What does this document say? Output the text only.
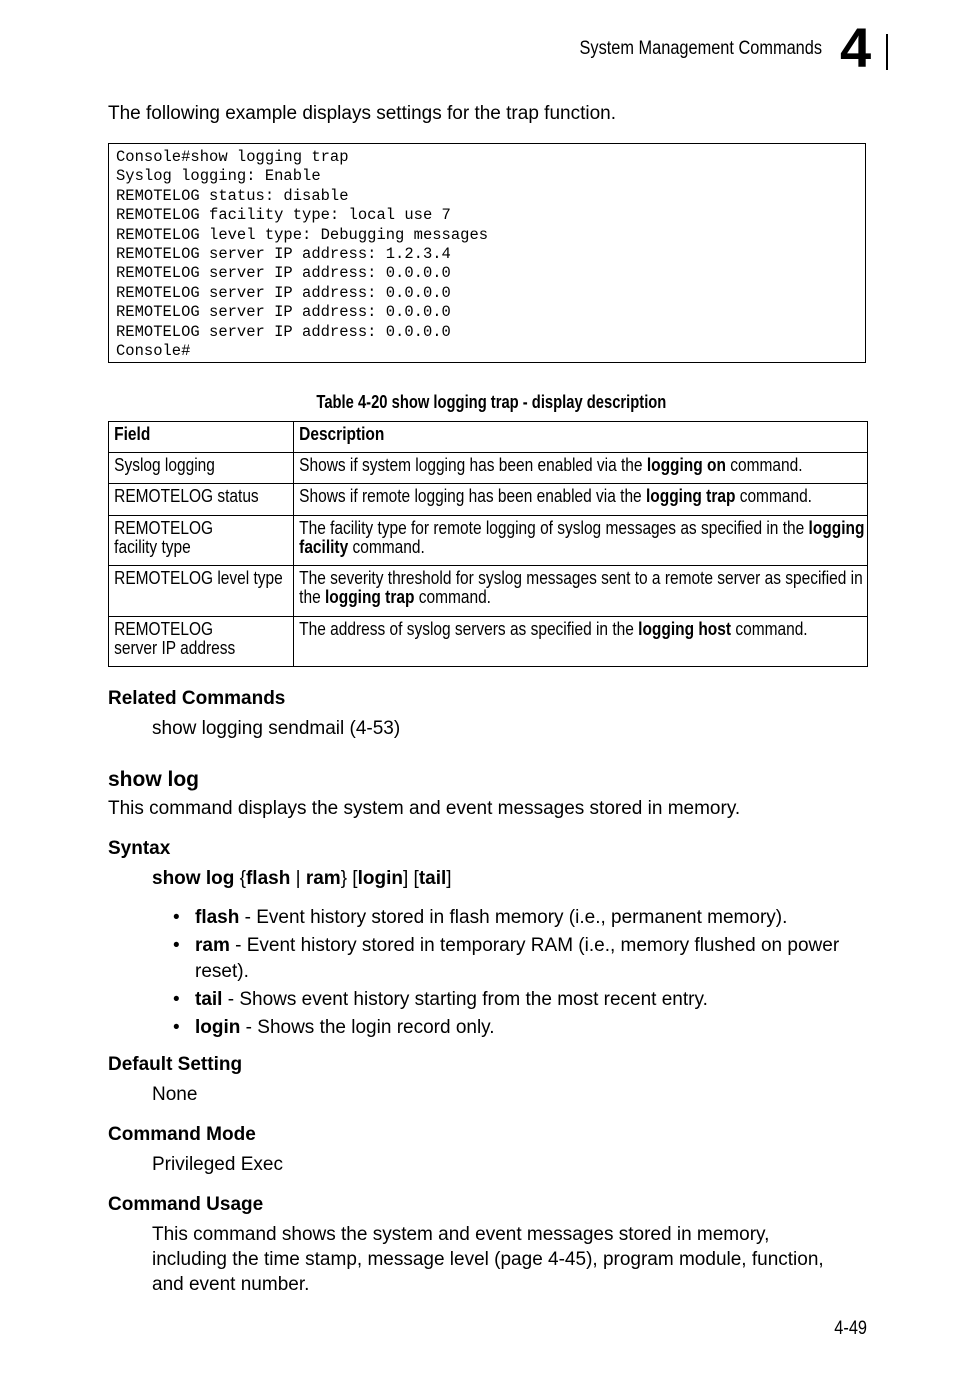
System Management Commands 4
The following example displays settings for the trap function.
Console#show logging trap
Syslog logging: Enable
REMOTELOG status: disable
REMOTELOG facility type: local use 7
REMOTELOG level type: Debugging messages
REMOTELOG server IP address: 1.2.3.4
REMOTELOG server IP address: 0.0.0.0
REMOTELOG server IP address: 0.0.0.0
REMOTELOG server IP address: 0.0.0.0
REMOTELOG server IP address: 0.0.0.0
Console#
Table 4-20 show logging trap - display description
Field	Description

Syslog logging	Shows if system logging has been enabled via the logging on command.

REMOTELOG status	Shows if remote logging has been enabled via the logging trap command.

REMOTELOG
facility type	The facility type for remote logging of syslog messages as specified in the logging facility command.

REMOTELOG level type	The severity threshold for syslog messages sent to a remote server as specified in the logging trap command.

REMOTELOG
server IP address	The address of syslog servers as specified in the logging host command.
Related Commands
show logging sendmail (4-53)
show log
This command displays the system and event messages stored in memory.
Syntax
show log {flash | ram} [login] [tail]
• flash - Event history stored in flash memory (i.e., permanent memory).
• ram - Event history stored in temporary RAM (i.e., memory flushed on power reset).
• tail - Shows event history starting from the most recent entry.
• login - Shows the login record only.
Default Setting
None
Command Mode
Privileged Exec
Command Usage
This command shows the system and event messages stored in memory, including the time stamp, message level (page 4-45), program module, function, and event number.
4-49
